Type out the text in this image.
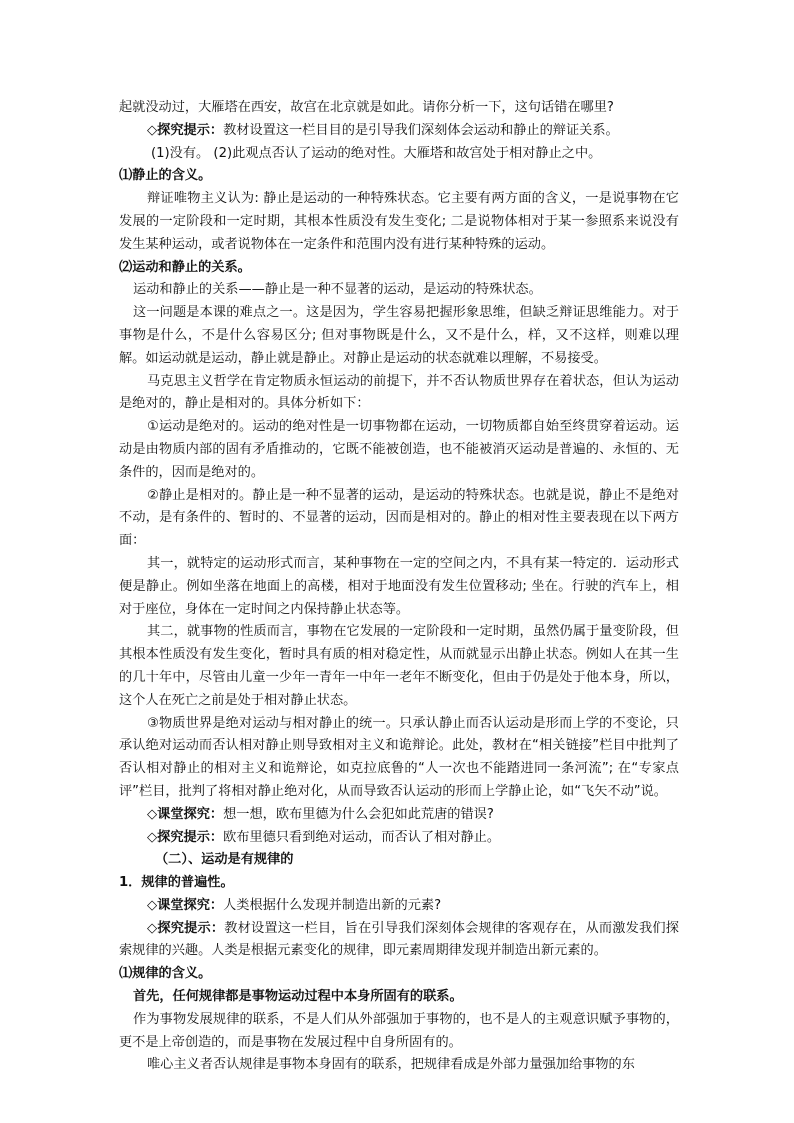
起就没动过，大雁塔在西安，故宫在北京就是如此。请你分析一下，这句话错在哪里?

◇探究提示：教材设置这一栏目目的是引导我们深刻体会运动和静止的辩证关系。

(1)没有。 (2)此观点否认了运动的绝对性。大雁塔和故宫处于相对静止之中。

⑴静止的含义。

辩证唯物主义认为: 静止是运动的一种特殊状态。它主要有两方面的含义，一是说事物在它发展的一定阶段和一定时期，其根本性质没有发生变化; 二是说物体相对于某一参照系来说没有发生某种运动，或者说物体在一定条件和范围内没有进行某种特殊的运动。

⑵运动和静止的关系。

运动和静止的关系——静止是一种不显著的运动，是运动的特殊状态。

这一问题是本课的难点之一。这是因为，学生容易把握形象思维，但缺乏辩证思维能力。对于事物是什么，不是什么容易区分; 但对事物既是什么，又不是什么，样，又不这样，则难以理解。如运动就是运动，静止就是静止。对静止是运动的状态就难以理解，不易接受。

马克思主义哲学在肯定物质永恒运动的前提下，并不否认物质世界存在着状态，但认为运动是绝对的，静止是相对的。具体分析如下：

①运动是绝对的。运动的绝对性是一切事物都在运动，一切物质都自始至终贯穿着运动。运动是由物质内部的固有矛盾推动的，它既不能被创造，也不能被消灭运动是普遍的、永恒的、无条件的，因而是绝对的。

②静止是相对的。静止是一种不显著的运动，是运动的特殊状态。也就是说，静止不是绝对不动，是有条件的、暂时的、不显著的运动，因而是相对的。静止的相对性主要表现在以下两方面：

其一，就特定的运动形式而言，某种事物在一定的空间之内，不具有某一特定的．运动形式便是静止。例如坐落在地面上的高楼，相对于地面没有发生位置移动; 坐在。行驶的汽车上，相对于座位，身体在一定时间之内保持静止状态等。

其二，就事物的性质而言，事物在它发展的一定阶段和一定时期，虽然仍属于量变阶段，但其根本性质没有发生变化，暂时具有质的相对稳定性，从而就显示出静止状态。例如人在其一生的几十年中，尽管由儿童一少年一青年一中年一老年不断变化，但由于仍是处于他本身，所以，这个人在死亡之前是处于相对静止状态。

③物质世界是绝对运动与相对静止的统一。只承认静止而否认运动是形而上学的不变论，只承认绝对运动而否认相对静止则导致相对主义和诡辩论。此处，教材在“相关链接”栏目中批判了否认相对静止的相对主义和诡辩论，如克拉底鲁的“人一次也不能踏进同一条河流”; 在“专家点评”栏目，批判了将相对静止绝对化，从而导致否认运动的形而上学静止论，如“飞矢不动”说。

◇课堂探究：想一想，欧布里德为什么会犯如此荒唐的错误?

◇探究提示：欧布里德只看到绝对运动，而否认了相对静止。

（二）、运动是有规律的

1．规律的普遍性。

◇课堂探究：人类根据什么发现并制造出新的元素?

◇探究提示：教材设置这一栏目，旨在引导我们深刻体会规律的客观存在，从而激发我们探索规律的兴趣。人类是根据元素变化的规律，即元素周期律发现并制造出新元素的。

⑴规律的含义。

首先，任何规律都是事物运动过程中本身所固有的联系。

作为事物发展规律的联系，不是人们从外部强加于事物的，也不是人的主观意识赋予事物的，更不是上帝创造的，而是事物在发展过程中自身所固有的。

唯心主义者否认规律是事物本身固有的联系，把规律看成是外部力量强加给事物的东
